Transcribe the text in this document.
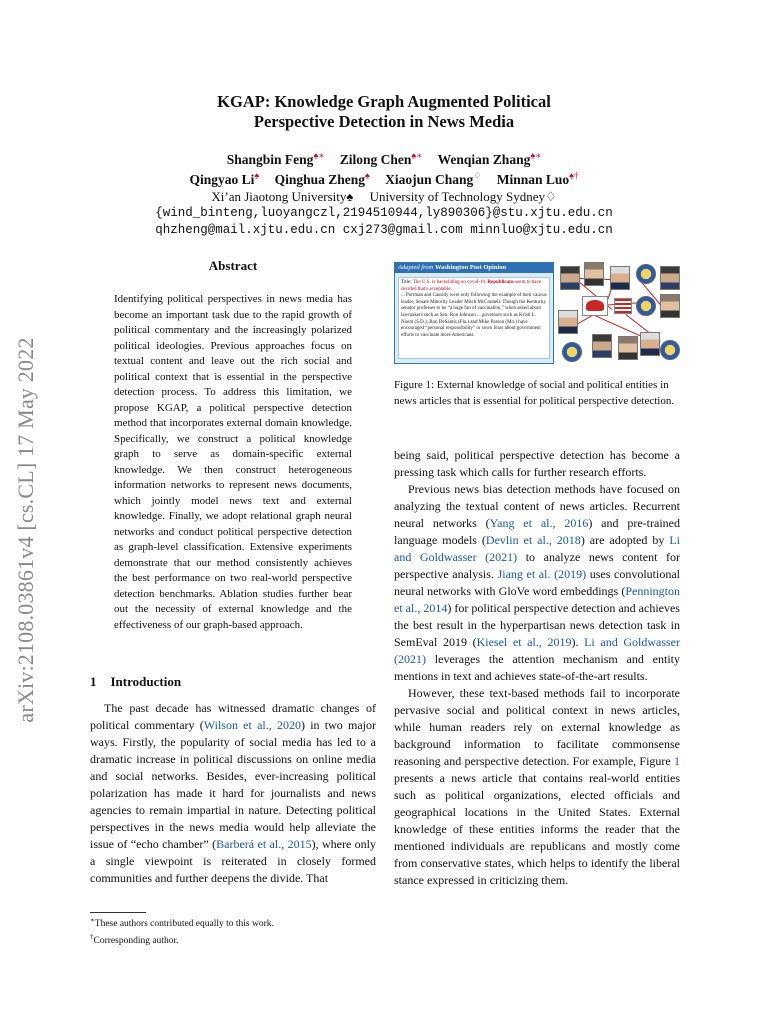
arXiv:2108.03861v4 [cs.CL] 17 May 2022
KGAP: Knowledge Graph Augmented Political
Perspective Detection in News Media
Shangbin Feng♠∗ Zilong Chen♠∗ Wenqian Zhang♠∗
Qingyao Li♠ Qinghua Zheng♠ Xiaojun Chang♢ Minnan Luo♠†
Xi’an Jiaotong University♠ University of Technology Sydney♢
{wind_binteng,luoyangczl,2194510944,ly890306}@stu.xjtu.edu.cn
qhzheng@mail.xjtu.edu.cn cxj273@gmail.com minnluo@xjtu.edu.cn
Abstract
Identifying political perspectives in news media has become an important task due to the rapid growth of political commentary and the increasingly polarized political ideologies. Previous approaches focus on textual content and leave out the rich social and political context that is essential in the perspective detection process. To address this limitation, we propose KGAP, a political perspective detection method that incorporates external domain knowledge. Specifically, we construct a political knowledge graph to serve as domain-specific external knowledge. We then construct heterogeneous information networks to represent news documents, which jointly model news text and external knowledge. Finally, we adopt relational graph neural networks and conduct political perspective detection as graph-level classification. Extensive experiments demonstrate that our method consistently achieves the best performance on two real-world perspective detection benchmarks. Ablation studies further bear out the necessity of external knowledge and the effectiveness of our graph-based approach.
1 Introduction

The past decade has witnessed dramatic changes of political commentary (Wilson et al., 2020) in two major ways. Firstly, the popularity of social media has led to a dramatic increase in political discussions on online media and social networks. Besides, ever-increasing political polarization has made it hard for journalists and news agencies to remain impartial in nature. Detecting political perspectives in the news media would help alleviate the issue of “echo chamber” (Barberá et al., 2015), where only a single viewpoint is reiterated in closely formed communities and further deepens the divide. That

∗These authors contributed equally to this work.
†Corresponding author.
Adapted from Washington Post Opinion
Title: The U.S. is backsliding on covid-19. Republicans seem to have decided that's acceptable.
... Portman and Cassidy were only following the example of their caucus leader, Senate Minority Leader Mitch McConnell. Though the Kentucky senator professes to be “a huge fan of vaccination,” when asked about lawmakers such as Sen. Ron Johnson ... governors such as Kristi L. Noem (S.D.), Ron DeSantis (Fla.) and Mike Parson (Mo.) have encouraged “personal responsibility” or sown fears about government efforts to vaccinate more Americans.
Figure 1: External knowledge of social and political entities in news articles that is essential for political perspective detection.

being said, political perspective detection has become a pressing task which calls for further research efforts.

Previous news bias detection methods have focused on analyzing the textual content of news articles. Recurrent neural networks (Yang et al., 2016) and pre-trained language models (Devlin et al., 2018) are adopted by Li and Goldwasser (2021) to analyze news content for perspective analysis. Jiang et al. (2019) uses convolutional neural networks with GloVe word embeddings (Pennington et al., 2014) for political perspective detection and achieves the best result in the hyperpartisan news detection task in SemEval 2019 (Kiesel et al., 2019). Li and Goldwasser (2021) leverages the attention mechanism and entity mentions in text and achieves state-of-the-art results.

However, these text-based methods fail to incorporate pervasive social and political context in news articles, while human readers rely on external knowledge as background information to facilitate commonsense reasoning and perspective detection. For example, Figure 1 presents a news article that contains real-world entities such as political organizations, elected officials and geographical locations in the United States. External knowledge of these entities informs the reader that the mentioned individuals are republicans and mostly come from conservative states, which helps to identify the liberal stance expressed in criticizing them.
